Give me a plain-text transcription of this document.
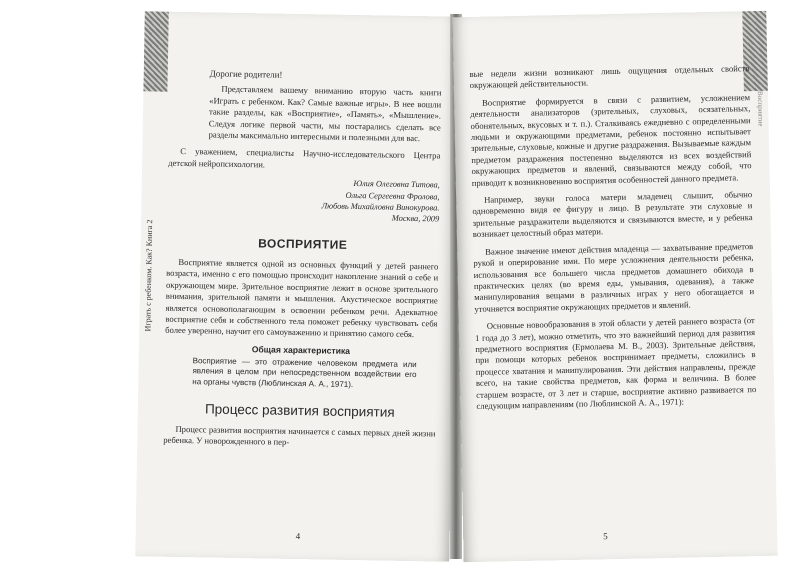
Играть с ребенком. Как? Книга 2

Дорогие родители!

Представляем вашему вниманию вторую часть книги «Играть с ребенком. Как? Самые важные игры». В нее вошли такие разделы, как «Восприятие», «Память», «Мышление». Следуя логике первой части, мы постарались сделать все разделы максимально интересными и полезными для вас.

С уважением, специалисты Научно-исследовательского Центра детской нейропсихологии.

Юлия Олеговна Титова,

Ольга Сергеевна Фролова,

Любовь Михайловна Винокурова.

Москва, 2009

ВОСПРИЯТИЕ

Восприятие является одной из основных функций у детей раннего возраста, именно с его помощью происходит накопление знаний о себе и окружающем мире. Зрительное восприятие лежит в основе зрительного внимания, зрительной памяти и мышления. Акустическое восприятие является основополагающим в освоении ребенком речи. Адекватное восприятие себя и собственного тела поможет ребенку чувствовать себя более уверенно, научит его самоуважению и принятию самого себя.

Общая характеристика

Восприятие — это отражение человеком предмета или явления в целом при непосредственном воздействии его на органы чувств (Люблинская А. А., 1971).

Процесс развития восприятия

Процесс развития восприятия начинается с самых первых дней жизни ребенка. У новорожденного в пер-

4
Восприятие

вые недели жизни возникают лишь ощущения отдельных свойств окружающей действительности.

Восприятие формируется в связи с развитием, усложнением деятельности анализаторов (зрительных, слуховых, осязательных, обонятельных, вкусовых и т. п.). Сталкиваясь ежедневно с определенными людьми и окружающими предметами, ребенок постоянно испытывает зрительные, слуховые, кожные и другие раздражения. Вызываемые каждым предметом раздражения постепенно выделяются из всех воздействий окружающих предметов и явлений, связываются между собой, что приводит к возникновению восприятия особенностей данного предмета.

Например, звуки голоса матери младенец слышит, обычно одновременно видя ее фигуру и лицо. В результате эти слуховые и зрительные раздражители выделяются и связываются вместе, и у ребенка возникает целостный образ матери.

Важное значение имеют действия младенца — захватывание предметов рукой и оперирование ими. По мере усложнения деятельности ребенка, использования все большего числа предметов домашнего обихода в практических целях (во время еды, умывания, одевания), а также манипулирования вещами в различных играх у него обогащается и уточняется восприятие окружающих предметов и явлений.

Основные новообразования в этой области у детей раннего возраста (от 1 года до 3 лет), можно отметить, что это важнейший период для развития предметного восприятия (Ермолаева М. В., 2003). Зрительные действия, при помощи которых ребенок воспринимает предметы, сложились в процессе хватания и манипулирования. Эти действия направлены, прежде всего, на такие свойства предметов, как форма и величина. В более старшем возрасте, от 3 лет и старше, восприятие активно развивается по следующим направлениям (по Люблинской А. А., 1971):

5
